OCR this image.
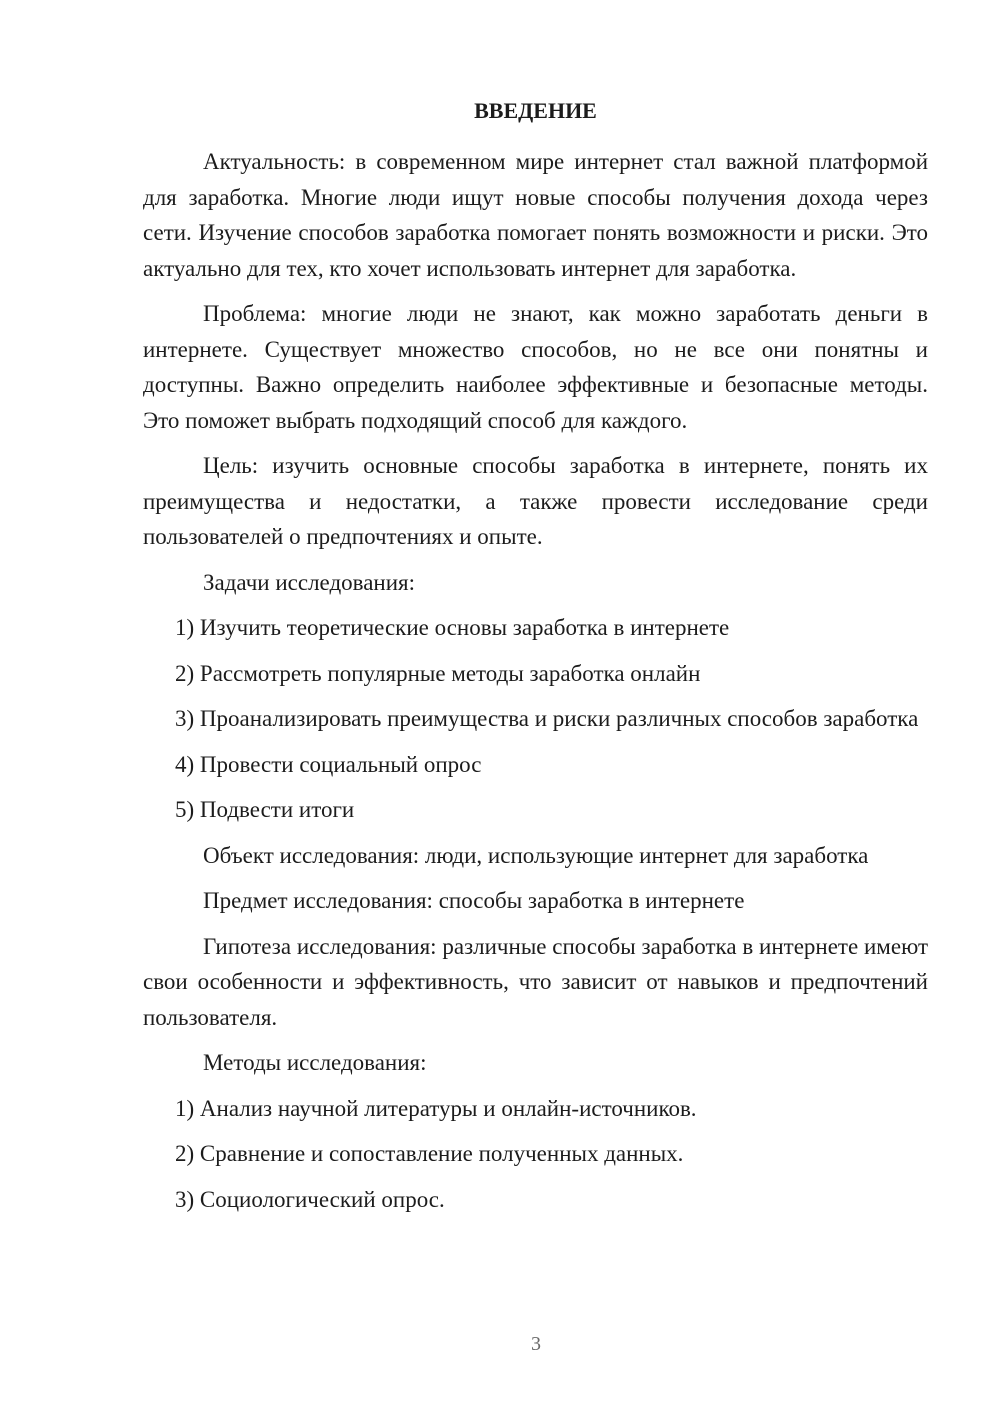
ВВЕДЕНИЕ

Актуальность: в современном мире интернет стал важной платформой для заработка. Многие люди ищут новые способы получения дохода через сети. Изучение способов заработка помогает понять возможности и риски. Это актуально для тех, кто хочет использовать интернет для заработка.

Проблема: многие люди не знают, как можно заработать деньги в интернете. Существует множество способов, но не все они понятны и доступны. Важно определить наиболее эффективные и безопасные методы. Это поможет выбрать подходящий способ для каждого.

Цель: изучить основные способы заработка в интернете, понять их преимущества и недостатки, а также провести исследование среди пользователей о предпочтениях и опыте.

Задачи исследования:
1) Изучить теоретические основы заработка в интернете
2) Рассмотреть популярные методы заработка онлайн

3) Проанализировать преимущества и риски различных способов заработка

4) Провести социальный опрос
5) Подвести итоги
Объект исследования: люди, использующие интернет для заработка
Предмет исследования: способы заработка в интернете

Гипотеза исследования: различные способы заработка в интернете имеют свои особенности и эффективность, что зависит от навыков и предпочтений пользователя.

Методы исследования:
1) Анализ научной литературы и онлайн-источников.
2) Сравнение и сопоставление полученных данных.
3) Социологический опрос.
3
